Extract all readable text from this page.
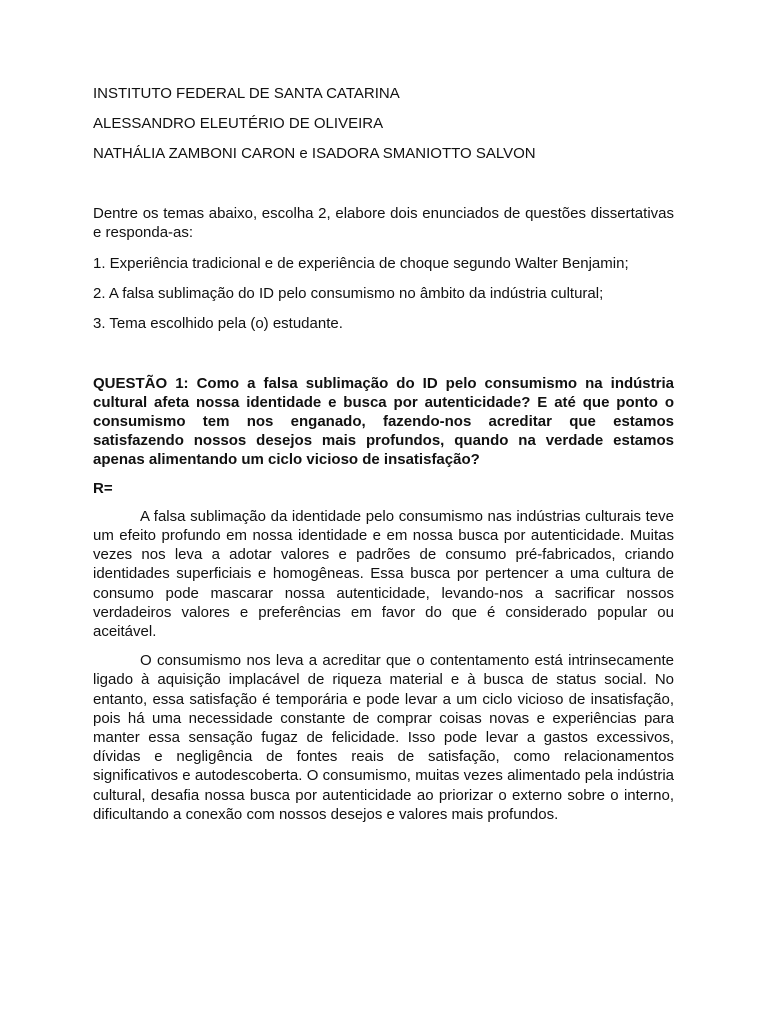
INSTITUTO FEDERAL DE SANTA CATARINA

ALESSANDRO ELEUTÉRIO DE OLIVEIRA

NATHÁLIA ZAMBONI CARON e ISADORA SMANIOTTO SALVON

Dentre os temas abaixo, escolha 2, elabore dois enunciados de questões dissertativas e responda-as:

1. Experiência tradicional e de experiência de choque segundo Walter Benjamin;

2. A falsa sublimação do ID pelo consumismo no âmbito da indústria cultural;

3. Tema escolhido pela (o) estudante.

QUESTÃO 1: Como a falsa sublimação do ID pelo consumismo na indústria cultural afeta nossa identidade e busca por autenticidade? E até que ponto o consumismo tem nos enganado, fazendo-nos acreditar que estamos satisfazendo nossos desejos mais profundos, quando na verdade estamos apenas alimentando um ciclo vicioso de insatisfação?

R=

A falsa sublimação da identidade pelo consumismo nas indústrias culturais teve um efeito profundo em nossa identidade e em nossa busca por autenticidade. Muitas vezes nos leva a adotar valores e padrões de consumo pré-fabricados, criando identidades superficiais e homogêneas. Essa busca por pertencer a uma cultura de consumo pode mascarar nossa autenticidade, levando-nos a sacrificar nossos verdadeiros valores e preferências em favor do que é considerado popular ou aceitável.

O consumismo nos leva a acreditar que o contentamento está intrinsecamente ligado à aquisição implacável de riqueza material e à busca de status social. No entanto, essa satisfação é temporária e pode levar a um ciclo vicioso de insatisfação, pois há uma necessidade constante de comprar coisas novas e experiências para manter essa sensação fugaz de felicidade. Isso pode levar a gastos excessivos, dívidas e negligência de fontes reais de satisfação, como relacionamentos significativos e autodescoberta. O consumismo, muitas vezes alimentado pela indústria cultural, desafia nossa busca por autenticidade ao priorizar o externo sobre o interno, dificultando a conexão com nossos desejos e valores mais profundos.
